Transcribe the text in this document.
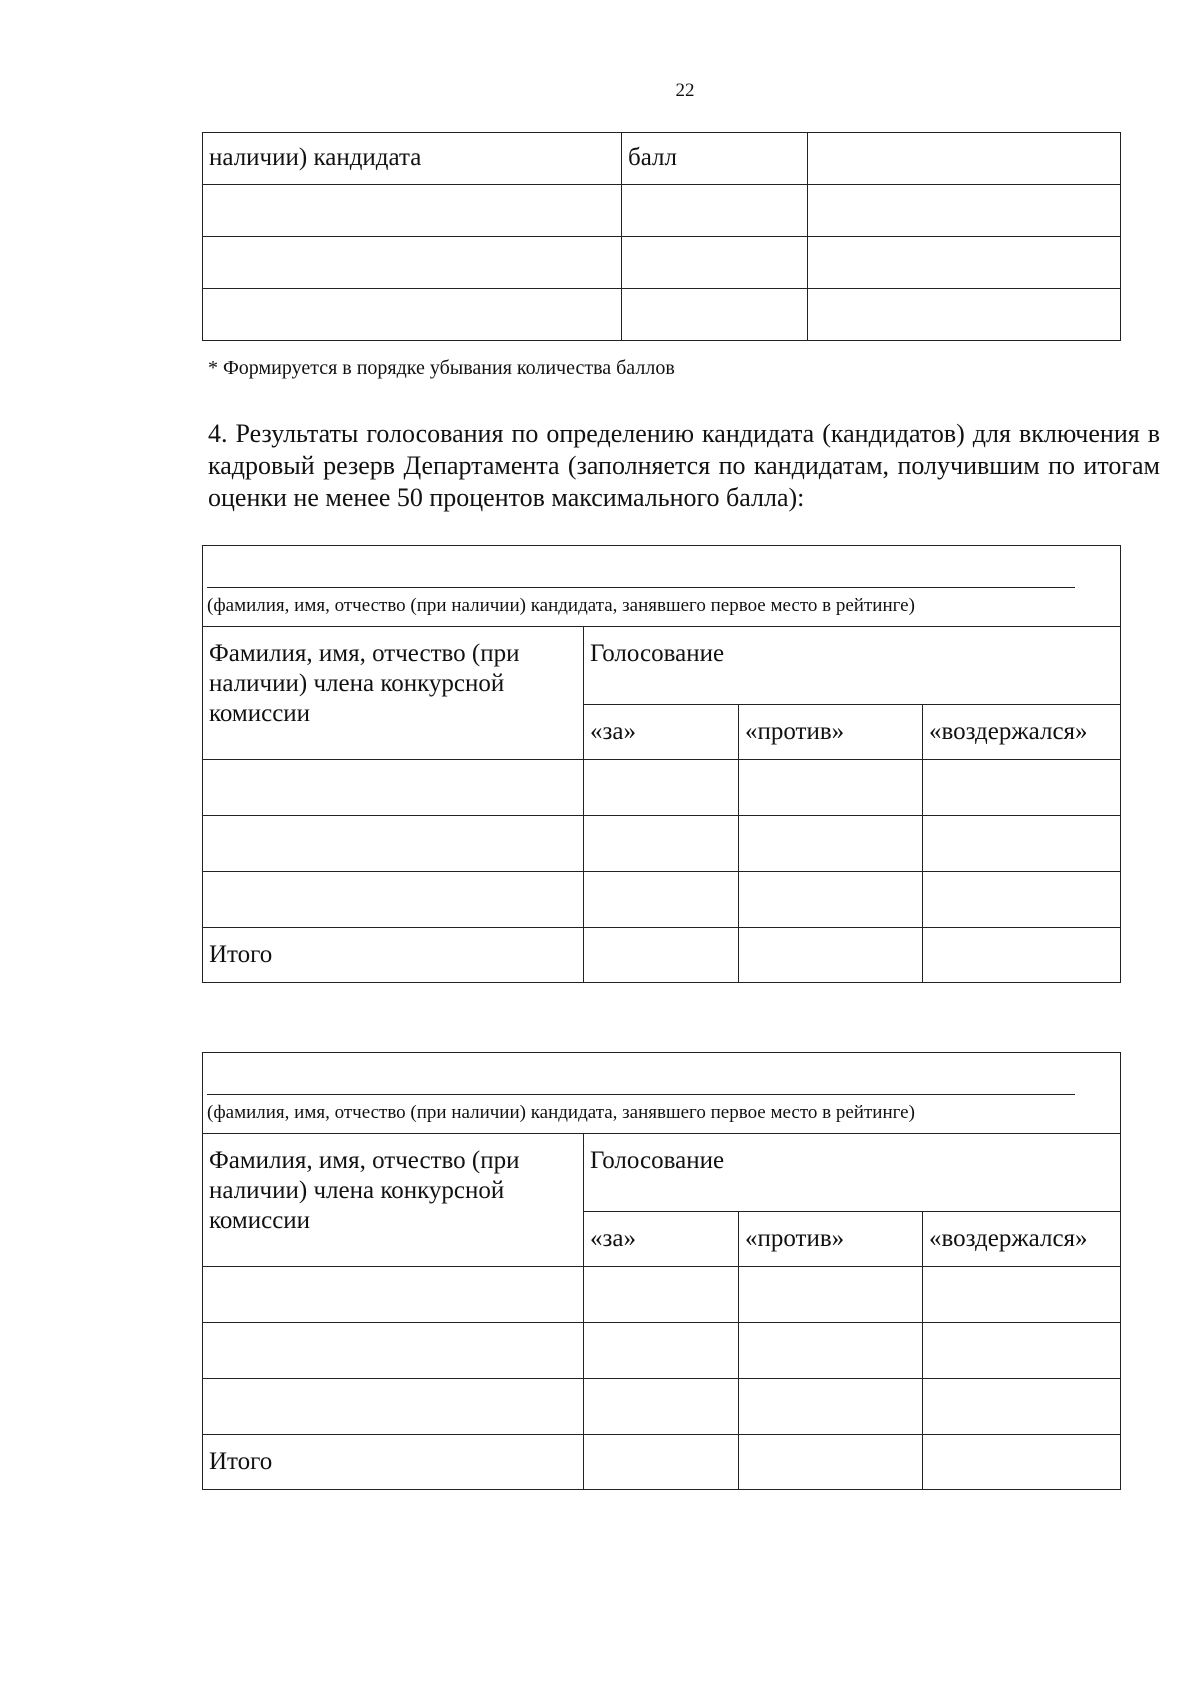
22
наличии) кандидата	балл	

* Формируется в порядке убывания количества баллов
4. Результаты голосования по определению кандидата (кандидатов) для включения в кадровый резерв Департамента (заполняется по кандидатам, получившим по итогам оценки не менее 50 процентов максимального балла):
(фамилия, имя, отчество (при наличии) кандидата, занявшего первое место в рейтинге)			

Фамилия, имя, отчество (при наличии) члена конкурсной комиссии	Голосование		
	«за»	«против»	«воздержался»

Итого			
(фамилия, имя, отчество (при наличии) кандидата, занявшего первое место в рейтинге)			

Фамилия, имя, отчество (при наличии) члена конкурсной комиссии	Голосование		
	«за»	«против»	«воздержался»

Итого			
